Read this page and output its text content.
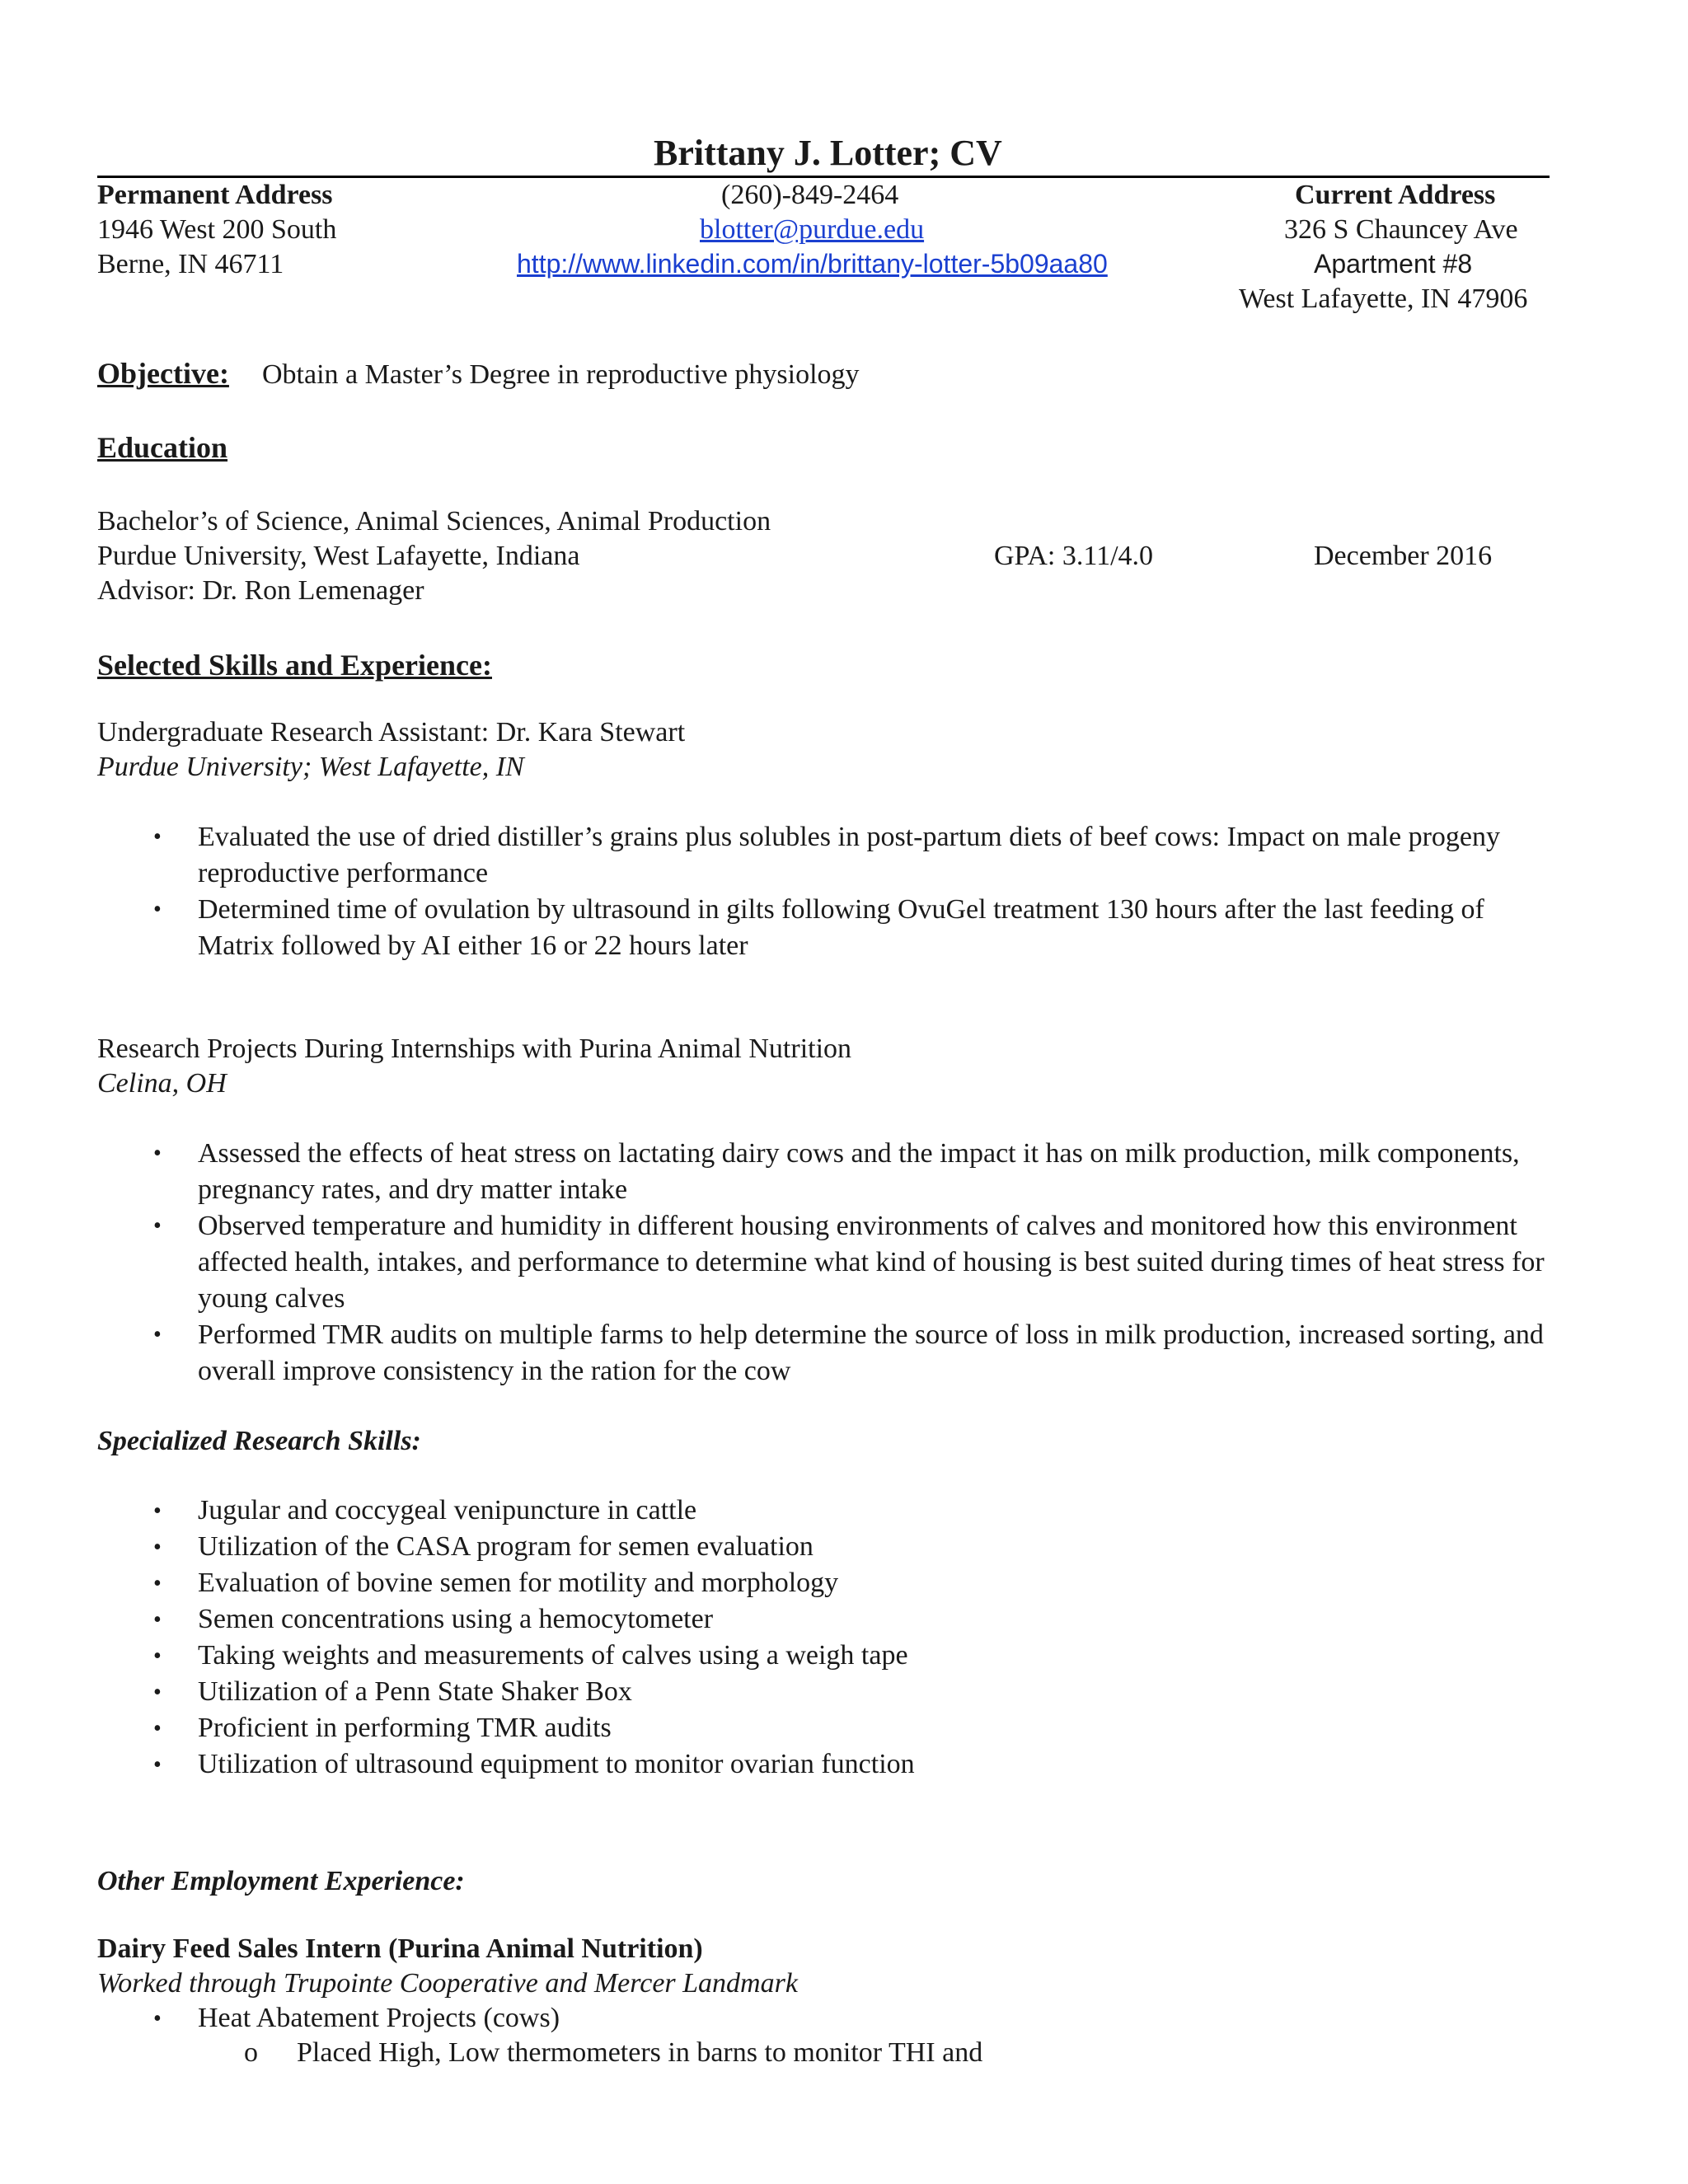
Brittany J. Lotter; CV
Permanent Address
1946 West 200 South
Berne, IN 46711
(260)-849-2464
blotter@purdue.edu
http://www.linkedin.com/in/brittany-lotter-5b09aa80
Current Address
326 S Chauncey Ave
Apartment #8
West Lafayette, IN 47906
Objective: Obtain a Master’s Degree in reproductive physiology
Education
Bachelor’s of Science, Animal Sciences, Animal Production
Purdue University, West Lafayette, Indiana	GPA: 3.11/4.0	December 2016
Advisor: Dr. Ron Lemenager
Selected Skills and Experience:
Undergraduate Research Assistant: Dr. Kara Stewart
Purdue University; West Lafayette, IN
• Evaluated the use of dried distiller’s grains plus solubles in post-partum diets of beef cows: Impact on male progeny reproductive performance
• Determined time of ovulation by ultrasound in gilts following OvuGel treatment 130 hours after the last feeding of Matrix followed by AI either 16 or 22 hours later
Research Projects During Internships with Purina Animal Nutrition
Celina, OH
• Assessed the effects of heat stress on lactating dairy cows and the impact it has on milk production, milk components, pregnancy rates, and dry matter intake
• Observed temperature and humidity in different housing environments of calves and monitored how this environment affected health, intakes, and performance to determine what kind of housing is best suited during times of heat stress for young calves
• Performed TMR audits on multiple farms to help determine the source of loss in milk production, increased sorting, and overall improve consistency in the ration for the cow
Specialized Research Skills:
• Jugular and coccygeal venipuncture in cattle
• Utilization of the CASA program for semen evaluation
• Evaluation of bovine semen for motility and morphology
• Semen concentrations using a hemocytometer
• Taking weights and measurements of calves using a weigh tape
• Utilization of a Penn State Shaker Box
• Proficient in performing TMR audits
• Utilization of ultrasound equipment to monitor ovarian function
Other Employment Experience:
Dairy Feed Sales Intern (Purina Animal Nutrition)
Worked through Trupointe Cooperative and Mercer Landmark
• Heat Abatement Projects (cows)
o Placed High, Low thermometers in barns to monitor THI and
